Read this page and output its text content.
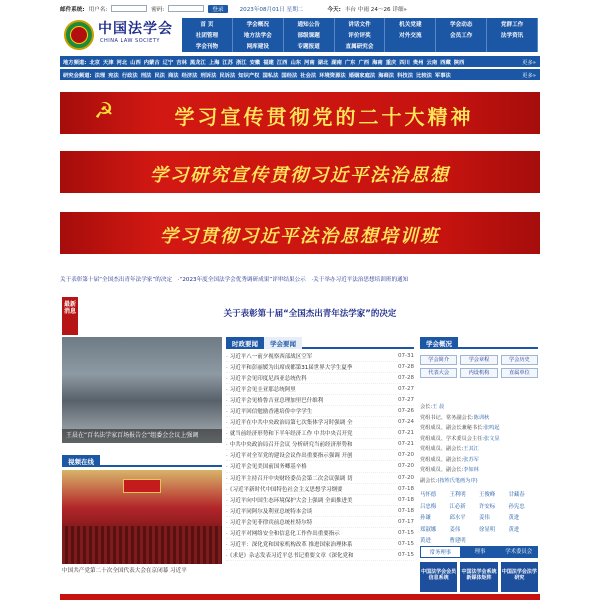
邮件系统: 用户名:	密码:	登录	2023年08月01日 星期二	今天: 丰台 中雨 24～26 详细»
中国法学会
CHINA LAW SOCIETY
首 页	学会概况	通知公告	讲话文件	机关党建	学会动态	党群工作
社团管理	地方法学会	部级课题	评价评奖	对外交流	会员工作	法学资讯
学会刊物	网库建设	专题报道	直属研究会
地方频道: 北京 天津 河北 山西 内蒙古 辽宁 吉林 黑龙江 上海 江苏 浙江 安徽 福建 江西 山东 河南 湖北 湖南 广东 广西 海南 重庆 四川 贵州 云南 西藏 陕西	更多»
研究会频道: 法理 宪法 行政法 刑法 民法 商法 经济法 刑诉法 民诉法 知识产权 国私法 国经法 社会法 环境资源法 婚姻家庭法 海商法 科技法 比较法 军事法	更多»
☭	学习宣传贯彻党的二十大精神
学习研究宣传贯彻习近平法治思想
学习贯彻习近平法治思想培训班
关于表彰第十届“全国杰出青年法学家”的决定　·“2023年度全国法学会优秀调研成果”评审结果公示　·关于举办习近平法治思想培训班的通知
最新消息	关于表彰第十届“全国杰出青年法学家”的决定
时政要闻	学会要闻	学会概况
王晨在“百名法学家百场报告会”组委会会议上强调
视频在线
中国共产党第二十次全国代表大会在京闭幕 习近平
· 习近平八一前夕视察西部战区空军	07-31
· 习近平和彭丽媛为出席成都第31届世界大学生夏季	07-28
· 习近平会见印度尼西亚总统佐科	07-28
· 习近平会见圭亚那总统阿里	07-27
· 习近平会见格鲁吉亚总理加里巴什维利	07-27
· 习近平回信勉励香港培侨中学学生	07-26
· 习近平在中共中央政治局第七次集体学习时强调 全	07-24
· 就当前经济形势和下半年经济工作 中共中央召开党	07-21
· 中共中央政治局召开会议 分析研究当前经济形势和	07-21
· 习近平对全军党的建设会议作出重要指示强调 开创	07-20
· 习近平会见美国前国务卿基辛格	07-20
· 习近平主持召开中央财经委员会第二次会议强调 切	07-20
· 《习近平新时代中国特色社会主义思想学习纲要	07-18
· 习近平向中国生态环境保护大会上强调 全面推进美	07-18
· 习近平同阿尔及利亚总统特本会谈	07-18
· 习近平会见菲律宾前总统杜特尔特	07-17
· 习近平对网络安全和信息化工作作出重要指示	07-15
· 习近平：深化党和国家机构改革 推进国家治理体系	07-15
· 《求是》杂志发表习近平总书记重要文章《深化党和	07-15
学会简介	学会章程	学会历史
代表大会	内设机构	直属单位
会长:王 晨
党组书记、常务副会长:陈训秋
党组成员、副会长兼秘书长:张鸣起
党组成员、学术委员会主任:张文显
党组成员、副会长:王其江
党组成员、副会长:张苏军
党组成员、副会长:李如林
副会长:(按姓氏笔画为序)
马怀德	王利明	王俊峰	甘藏春
吕忠梅	江必新	许安标	孙宪忠
孙谦	邱水平	姜伟	黄进
郑淑娜	姜伟	徐显明	黄进
黄进	曹建明
常务理事	理事	学术委员会
中国法学会会员信息系统
中国法学会系统新媒体矩阵
中国法学会法学研究
